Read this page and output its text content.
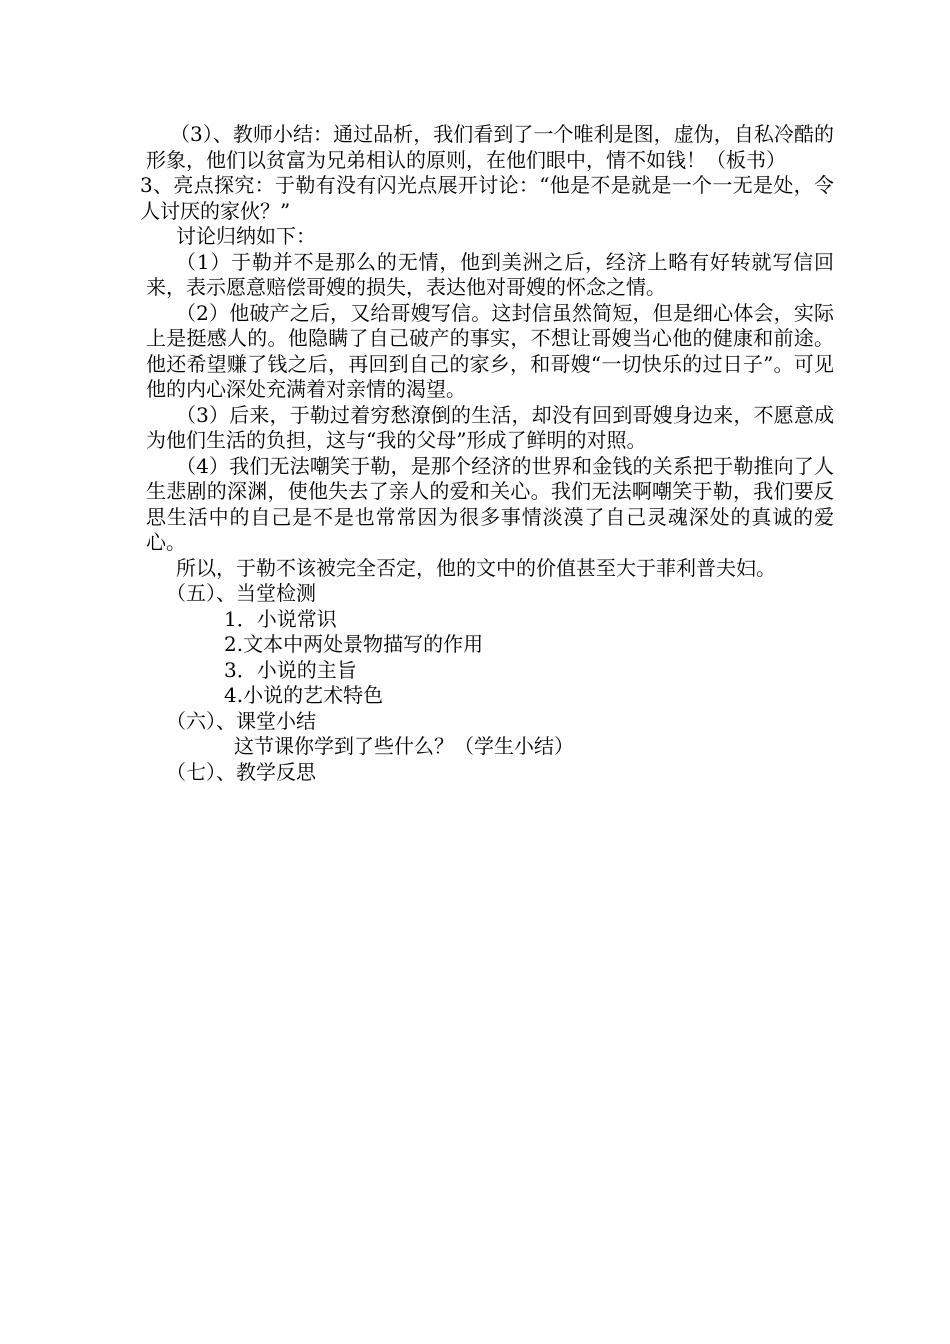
（3）、教师小结：通过品析，我们看到了一个唯利是图，虚伪，自私冷酷的形象，他们以贫富为兄弟相认的原则，在他们眼中，情不如钱！（板书）

3、亮点探究：于勒有没有闪光点展开讨论：“他是不是就是一个一无是处，令人讨厌的家伙？”

讨论归纳如下：

（1）于勒并不是那么的无情，他到美洲之后，经济上略有好转就写信回来，表示愿意赔偿哥嫂的损失，表达他对哥嫂的怀念之情。

（2）他破产之后，又给哥嫂写信。这封信虽然简短，但是细心体会，实际上是挺感人的。他隐瞒了自己破产的事实，不想让哥嫂当心他的健康和前途。他还希望赚了钱之后，再回到自己的家乡，和哥嫂“一切快乐的过日子”。可见他的内心深处充满着对亲情的渴望。

（3）后来，于勒过着穷愁潦倒的生活，却没有回到哥嫂身边来，不愿意成为他们生活的负担，这与“我的父母”形成了鲜明的对照。

（4）我们无法嘲笑于勒，是那个经济的世界和金钱的关系把于勒推向了人生悲剧的深渊，使他失去了亲人的爱和关心。我们无法啊嘲笑于勒，我们要反思生活中的自己是不是也常常因为很多事情淡漠了自己灵魂深处的真诚的爱心。

所以，于勒不该被完全否定，他的文中的价值甚至大于菲利普夫妇。

（五）、当堂检测

1．小说常识

2.文本中两处景物描写的作用

3．小说的主旨

4.小说的艺术特色

（六）、课堂小结

这节课你学到了些什么？（学生小结）

（七）、教学反思
